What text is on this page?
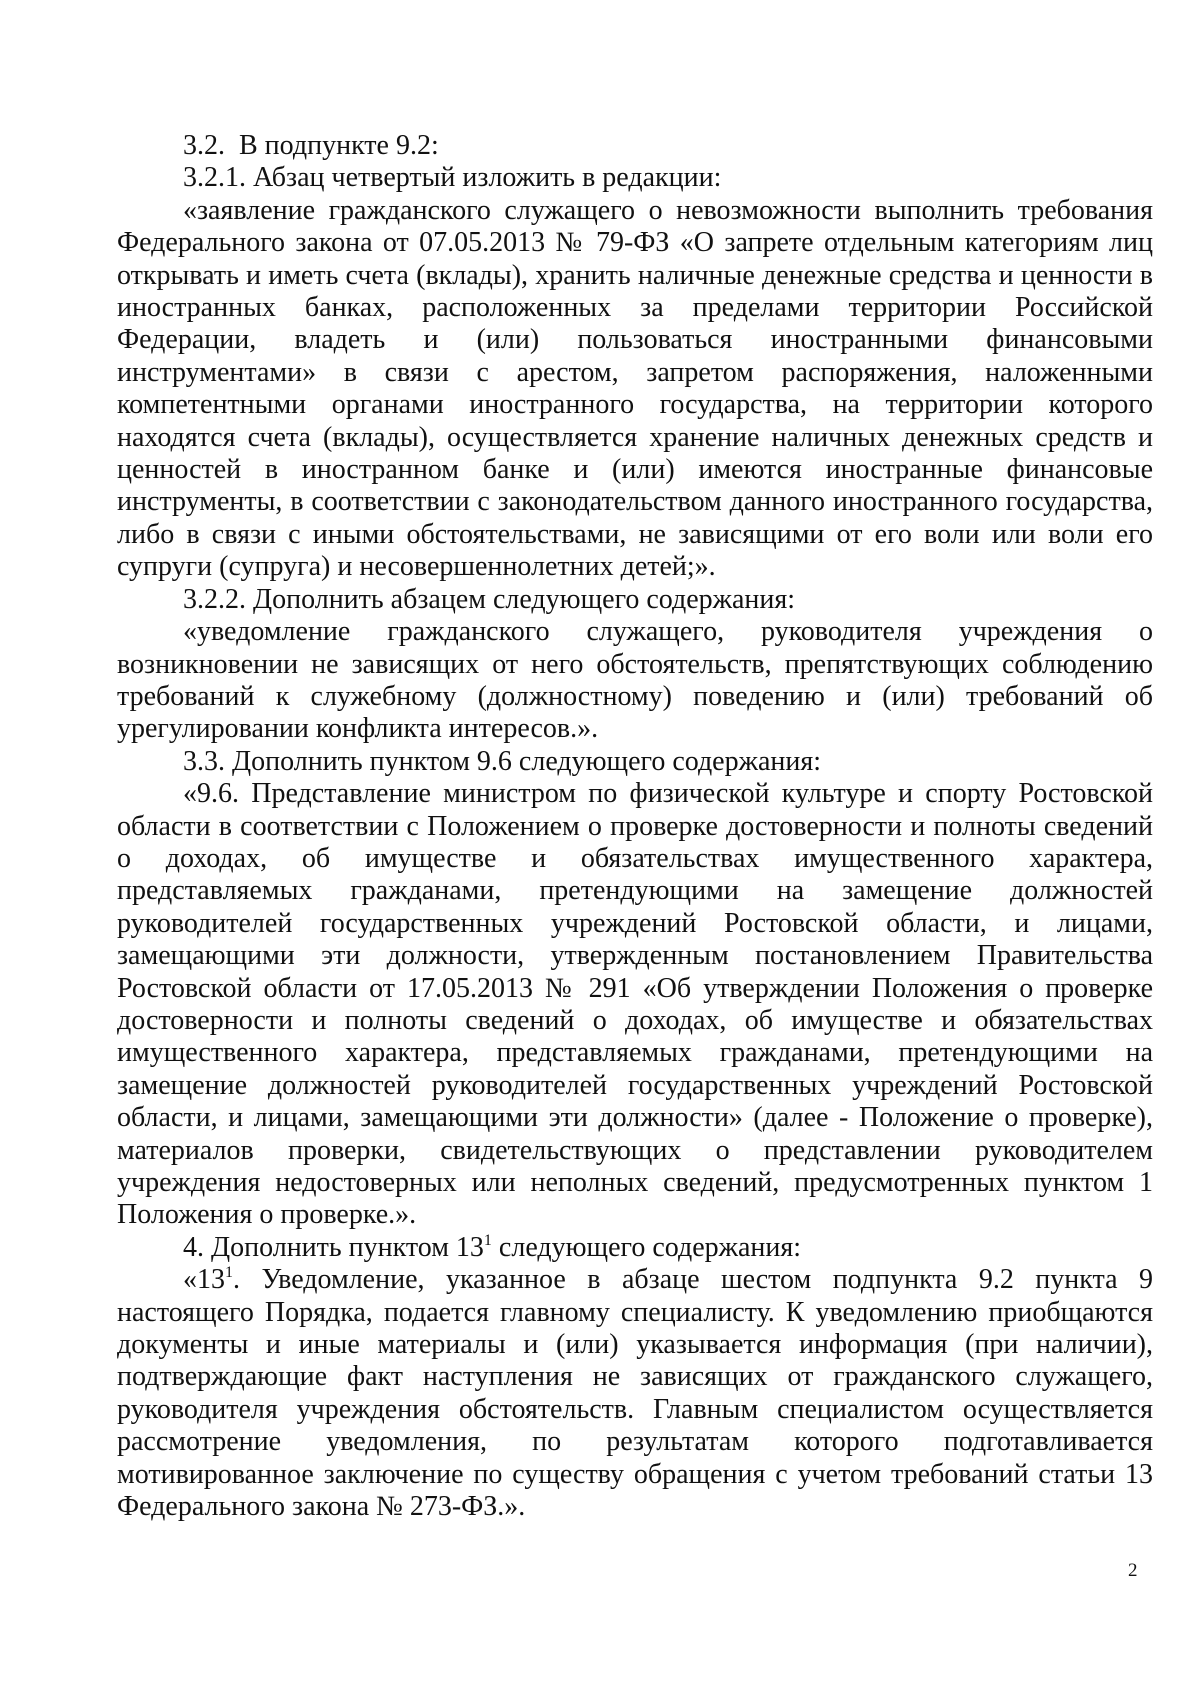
3.2.  В подпункте 9.2:

3.2.1. Абзац четвертый изложить в редакции:

«заявление гражданского служащего о невозможности выполнить требования Федерального закона от 07.05.2013 № 79-ФЗ «О запрете отдельным категориям лиц открывать и иметь счета (вклады), хранить наличные денежные средства и ценности в иностранных банках, расположенных за пределами территории Российской Федерации, владеть и (или) пользоваться иностранными финансовыми инструментами» в связи с арестом, запретом распоряжения, наложенными компетентными органами иностранного государства, на территории которого находятся счета (вклады), осуществляется хранение наличных денежных средств и ценностей в иностранном банке и (или) имеются иностранные финансовые инструменты, в соответствии с законодательством данного иностранного государства, либо в связи с иными обстоятельствами, не зависящими от его воли или воли его супруги (супруга) и несовершеннолетних детей;».

3.2.2. Дополнить абзацем следующего содержания:

«уведомление гражданского служащего, руководителя учреждения о возникновении не зависящих от него обстоятельств, препятствующих соблюдению требований к служебному (должностному) поведению и (или) требований об урегулировании конфликта интересов.».

3.3. Дополнить пунктом 9.6 следующего содержания:

«9.6. Представление министром по физической культуре и спорту Ростовской области в соответствии с Положением о проверке достоверности и полноты сведений о доходах, об имуществе и обязательствах имущественного характера, представляемых гражданами, претендующими на замещение должностей руководителей государственных учреждений Ростовской области, и лицами, замещающими эти должности, утвержденным постановлением Правительства Ростовской области от 17.05.2013 № 291 «Об утверждении Положения о проверке достоверности и полноты сведений о доходах, об имуществе и обязательствах имущественного характера, представляемых гражданами, претендующими на замещение должностей руководителей государственных учреждений Ростовской области, и лицами, замещающими эти должности» (далее - Положение о проверке), материалов проверки, свидетельствующих о представлении руководителем учреждения недостоверных или неполных сведений, предусмотренных пунктом 1 Положения о проверке.».

4. Дополнить пунктом $13^1$ следующего содержания:

«$13^1$. Уведомление, указанное в абзаце шестом подпункта 9.2 пункта 9 настоящего Порядка, подается главному специалисту. К уведомлению приобщаются документы и иные материалы и (или) указывается информация (при наличии), подтверждающие факт наступления не зависящих от гражданского служащего, руководителя учреждения обстоятельств. Главным специалистом осуществляется рассмотрение уведомления, по результатам которого подготавливается мотивированное заключение по существу обращения с учетом требований статьи 13 Федерального закона № 273-ФЗ.».

2
